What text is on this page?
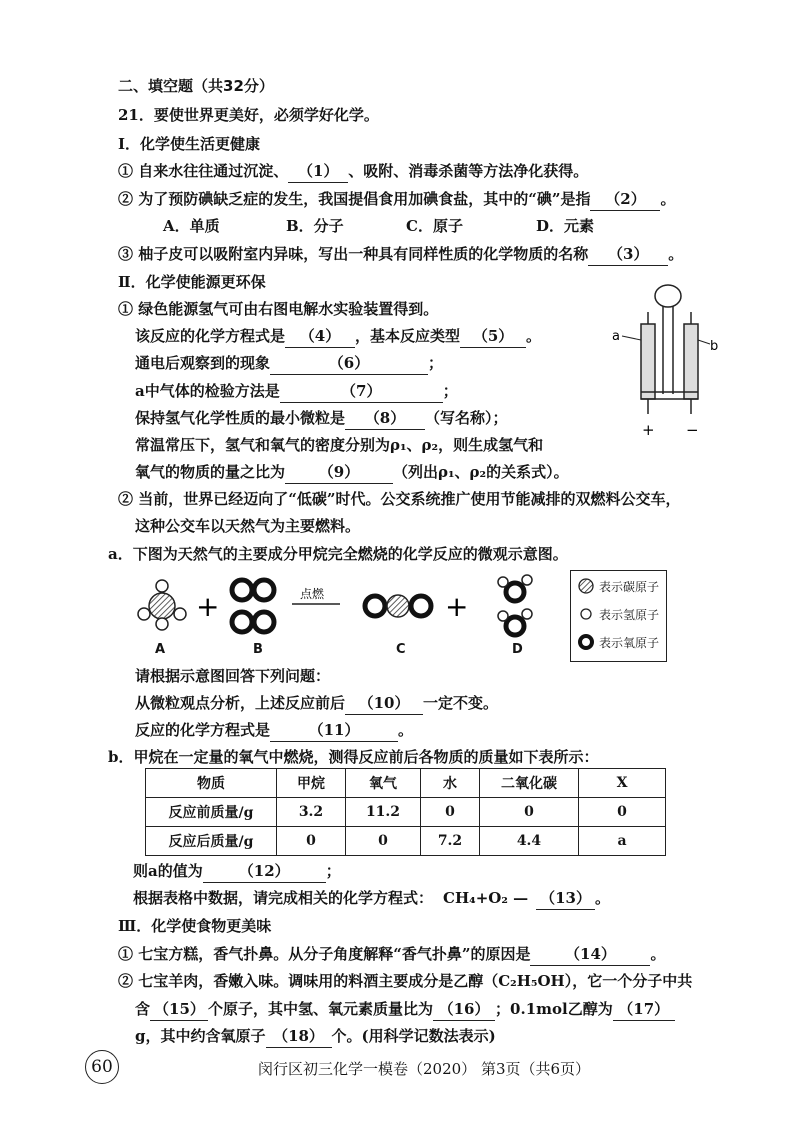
二、填空题（共32分）
21．要使世界更美好，必须学好化学。
Ⅰ．化学使生活更健康
① 自来水往往通过沉淀、 （1） 、吸附、消毒杀菌等方法净化获得。
② 为了预防碘缺乏症的发生，我国提倡食用加碘食盐，其中的“碘”是指 （2） 。
A．单质	B．分子	C．原子	D．元素
③ 柚子皮可以吸附室内异味，写出一种具有同样性质的化学物质的名称 （3） 。
Ⅱ．化学使能源更环保
① 绿色能源氢气可由右图电解水实验装置得到。
该反应的化学方程式是 （4） ，基本反应类型 （5） 。
通电后观察到的现象	（6）	；
a中气体的检验方法是	（7）	；
保持氢气化学性质的最小微粒是 （8） （写名称）；
常温常压下，氢气和氧气的密度分别为ρ₁、ρ₂，则生成氢气和
氧气的物质的量之比为 （9） （列出ρ₁、ρ₂的关系式）。
a
b
+ −
② 当前，世界已经迈向了“低碳”时代。公交系统推广使用节能减排的双燃料公交车，
这种公交车以天然气为主要燃料。
a．下图为天然气的主要成分甲烷完全燃烧的化学反应的微观示意图。
+	点燃	+
A	B	C	D
表示碳原子
表示氢原子
表示氧原子
请根据示意图回答下列问题：
从微粒观点分析，上述反应前后 （10） 一定不变。
反应的化学方程式是	（11）	。
b．甲烷在一定量的氧气中燃烧，测得反应前后各物质的质量如下表所示：
物质	甲烷	氧气	水	二氧化碳	X
反应前质量/g	3.2	11.2	0	0	0
反应后质量/g	0	0	7.2	4.4	a
则a的值为 （12） ；
根据表格中数据，请完成相关的化学方程式： CH₄+O₂ — （13） 。
Ⅲ．化学使食物更美味
① 七宝方糕，香气扑鼻。从分子角度解释“香气扑鼻”的原因是 （14） 。
② 七宝羊肉，香嫩入味。调味用的料酒主要成分是乙醇（C₂H₅OH），它一个分子中共
含 （15） 个原子，其中氢、氧元素质量比为 （16） ；0.1mol乙醇为 （17）
g，其中约含氧原子 （18） 个。(用科学记数法表示)
60	闵行区初三化学一模卷（2020） 第3页（共6页）
